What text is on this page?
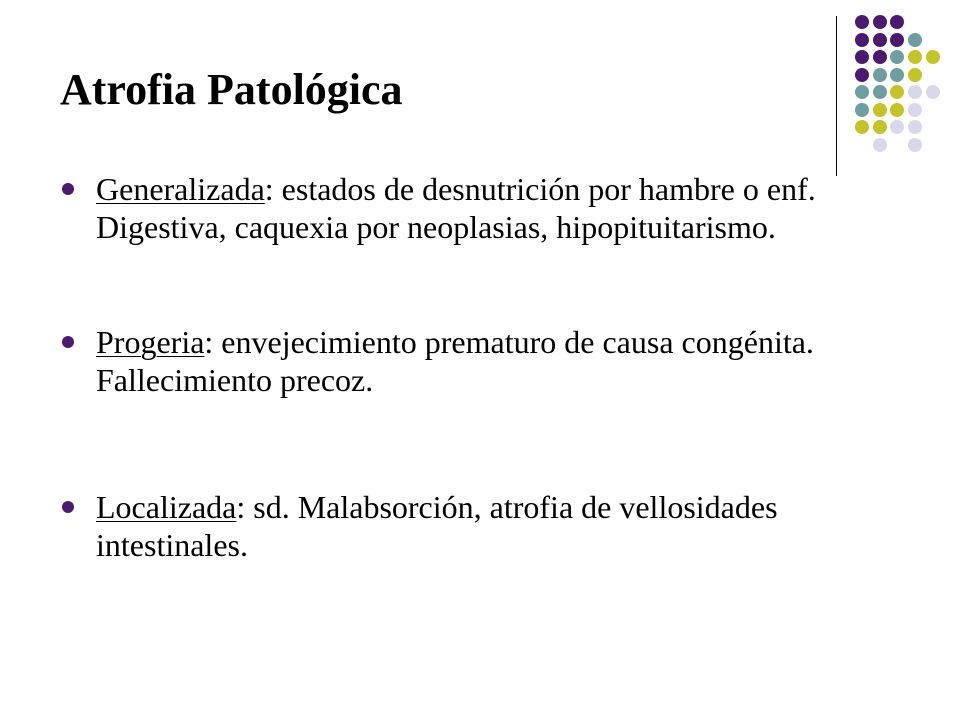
Atrofia Patológica
Generalizada: estados de desnutrición por hambre o enf. Digestiva, caquexia por neoplasias, hipopituitarismo.
Progeria: envejecimiento prematuro de causa congénita. Fallecimiento precoz.
Localizada: sd. Malabsorción, atrofia de vellosidades intestinales.
